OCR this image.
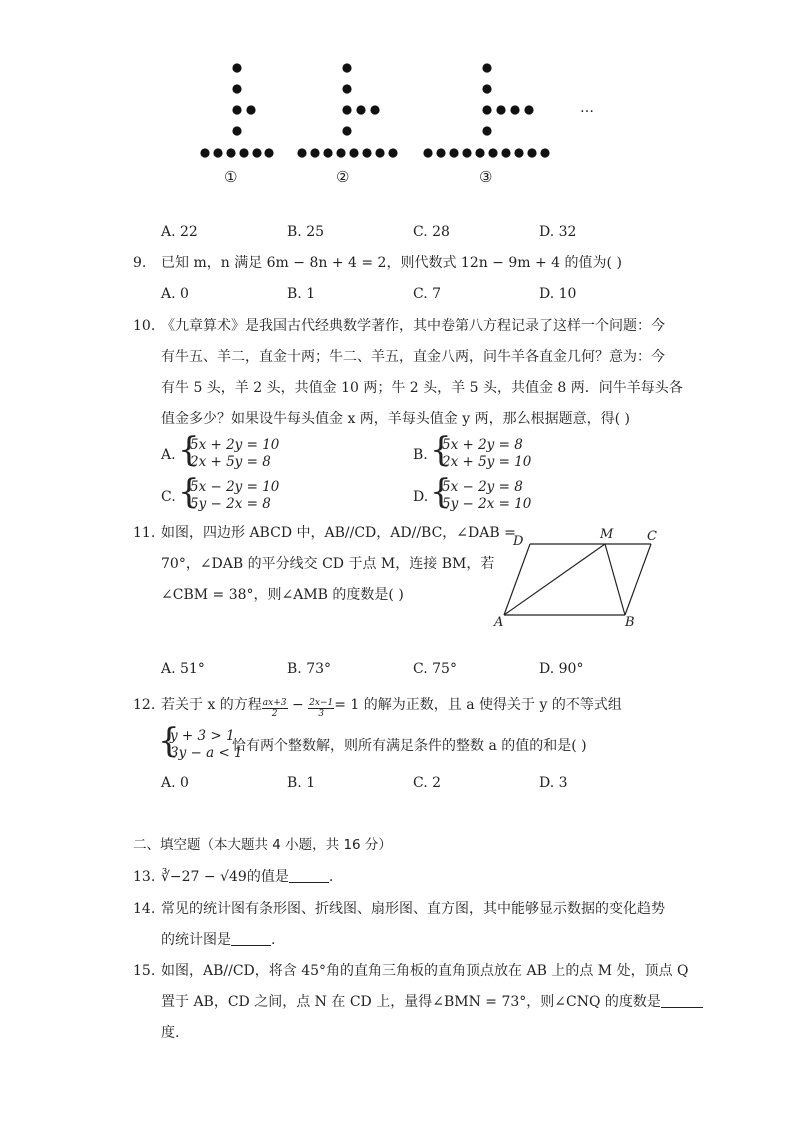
…
①	②	③
A. 22	B. 25	C. 28	D. 32
9. 已知 m，n 满足 6m − 8n + 4 = 2，则代数式 12n − 9m + 4 的值为( )
A. 0	B. 1	C. 7	D. 10
10. 《九章算术》是我国古代经典数学著作，其中卷第八方程记录了这样一个问题：今
有牛五、羊二，直金十两；牛二、羊五，直金八两，问牛羊各直金几何？意为：今
有牛 5 头，羊 2 头，共值金 10 两；牛 2 头，羊 5 头，共值金 8 两．问牛羊每头各
值金多少？如果设牛每头值金 x 两，羊每头值金 y 两，那么根据题意，得( )
A. {
5x + 2y = 10
2x + 5y = 8	B. {
5x + 2y = 8
2x + 5y = 10
C. {
5x − 2y = 10
5y − 2x = 8	D. {
5x − 2y = 8
5y − 2x = 10
11. 如图，四边形 ABCD 中，AB//CD，AD//BC，∠DAB =
70°，∠DAB 的平分线交 CD 于点 M，连接 BM，若
∠CBM = 38°，则∠AMB 的度数是( )
D	M	C
A	B
A. 51°	B. 73°	C. 75°	D. 90°
12. 若关于 x 的方程 $\frac{ax+3}{2} - \frac{2x-1}{3} = 1$ 的解为正数，且 a 使得关于 y 的不等式组
{
y + 3 > 1
3y − a < 1
恰有两个整数解，则所有满足条件的整数 a 的值的和是( )
A. 0	B. 1	C. 2	D. 3
二、填空题（本大题共 4 小题，共 16 分）
13. ∛−27 − √49的值是	.
14. 常见的统计图有条形图、折线图、扇形图、直方图，其中能够显示数据的变化趋势
的统计图是	.
15. 如图，AB//CD，将含 45°角的直角三角板的直角顶点放在 AB 上的点 M 处，顶点 Q
置于 AB，CD 之间，点 N 在 CD 上，量得∠BMN = 73°，则∠CNQ 的度数是
度.
